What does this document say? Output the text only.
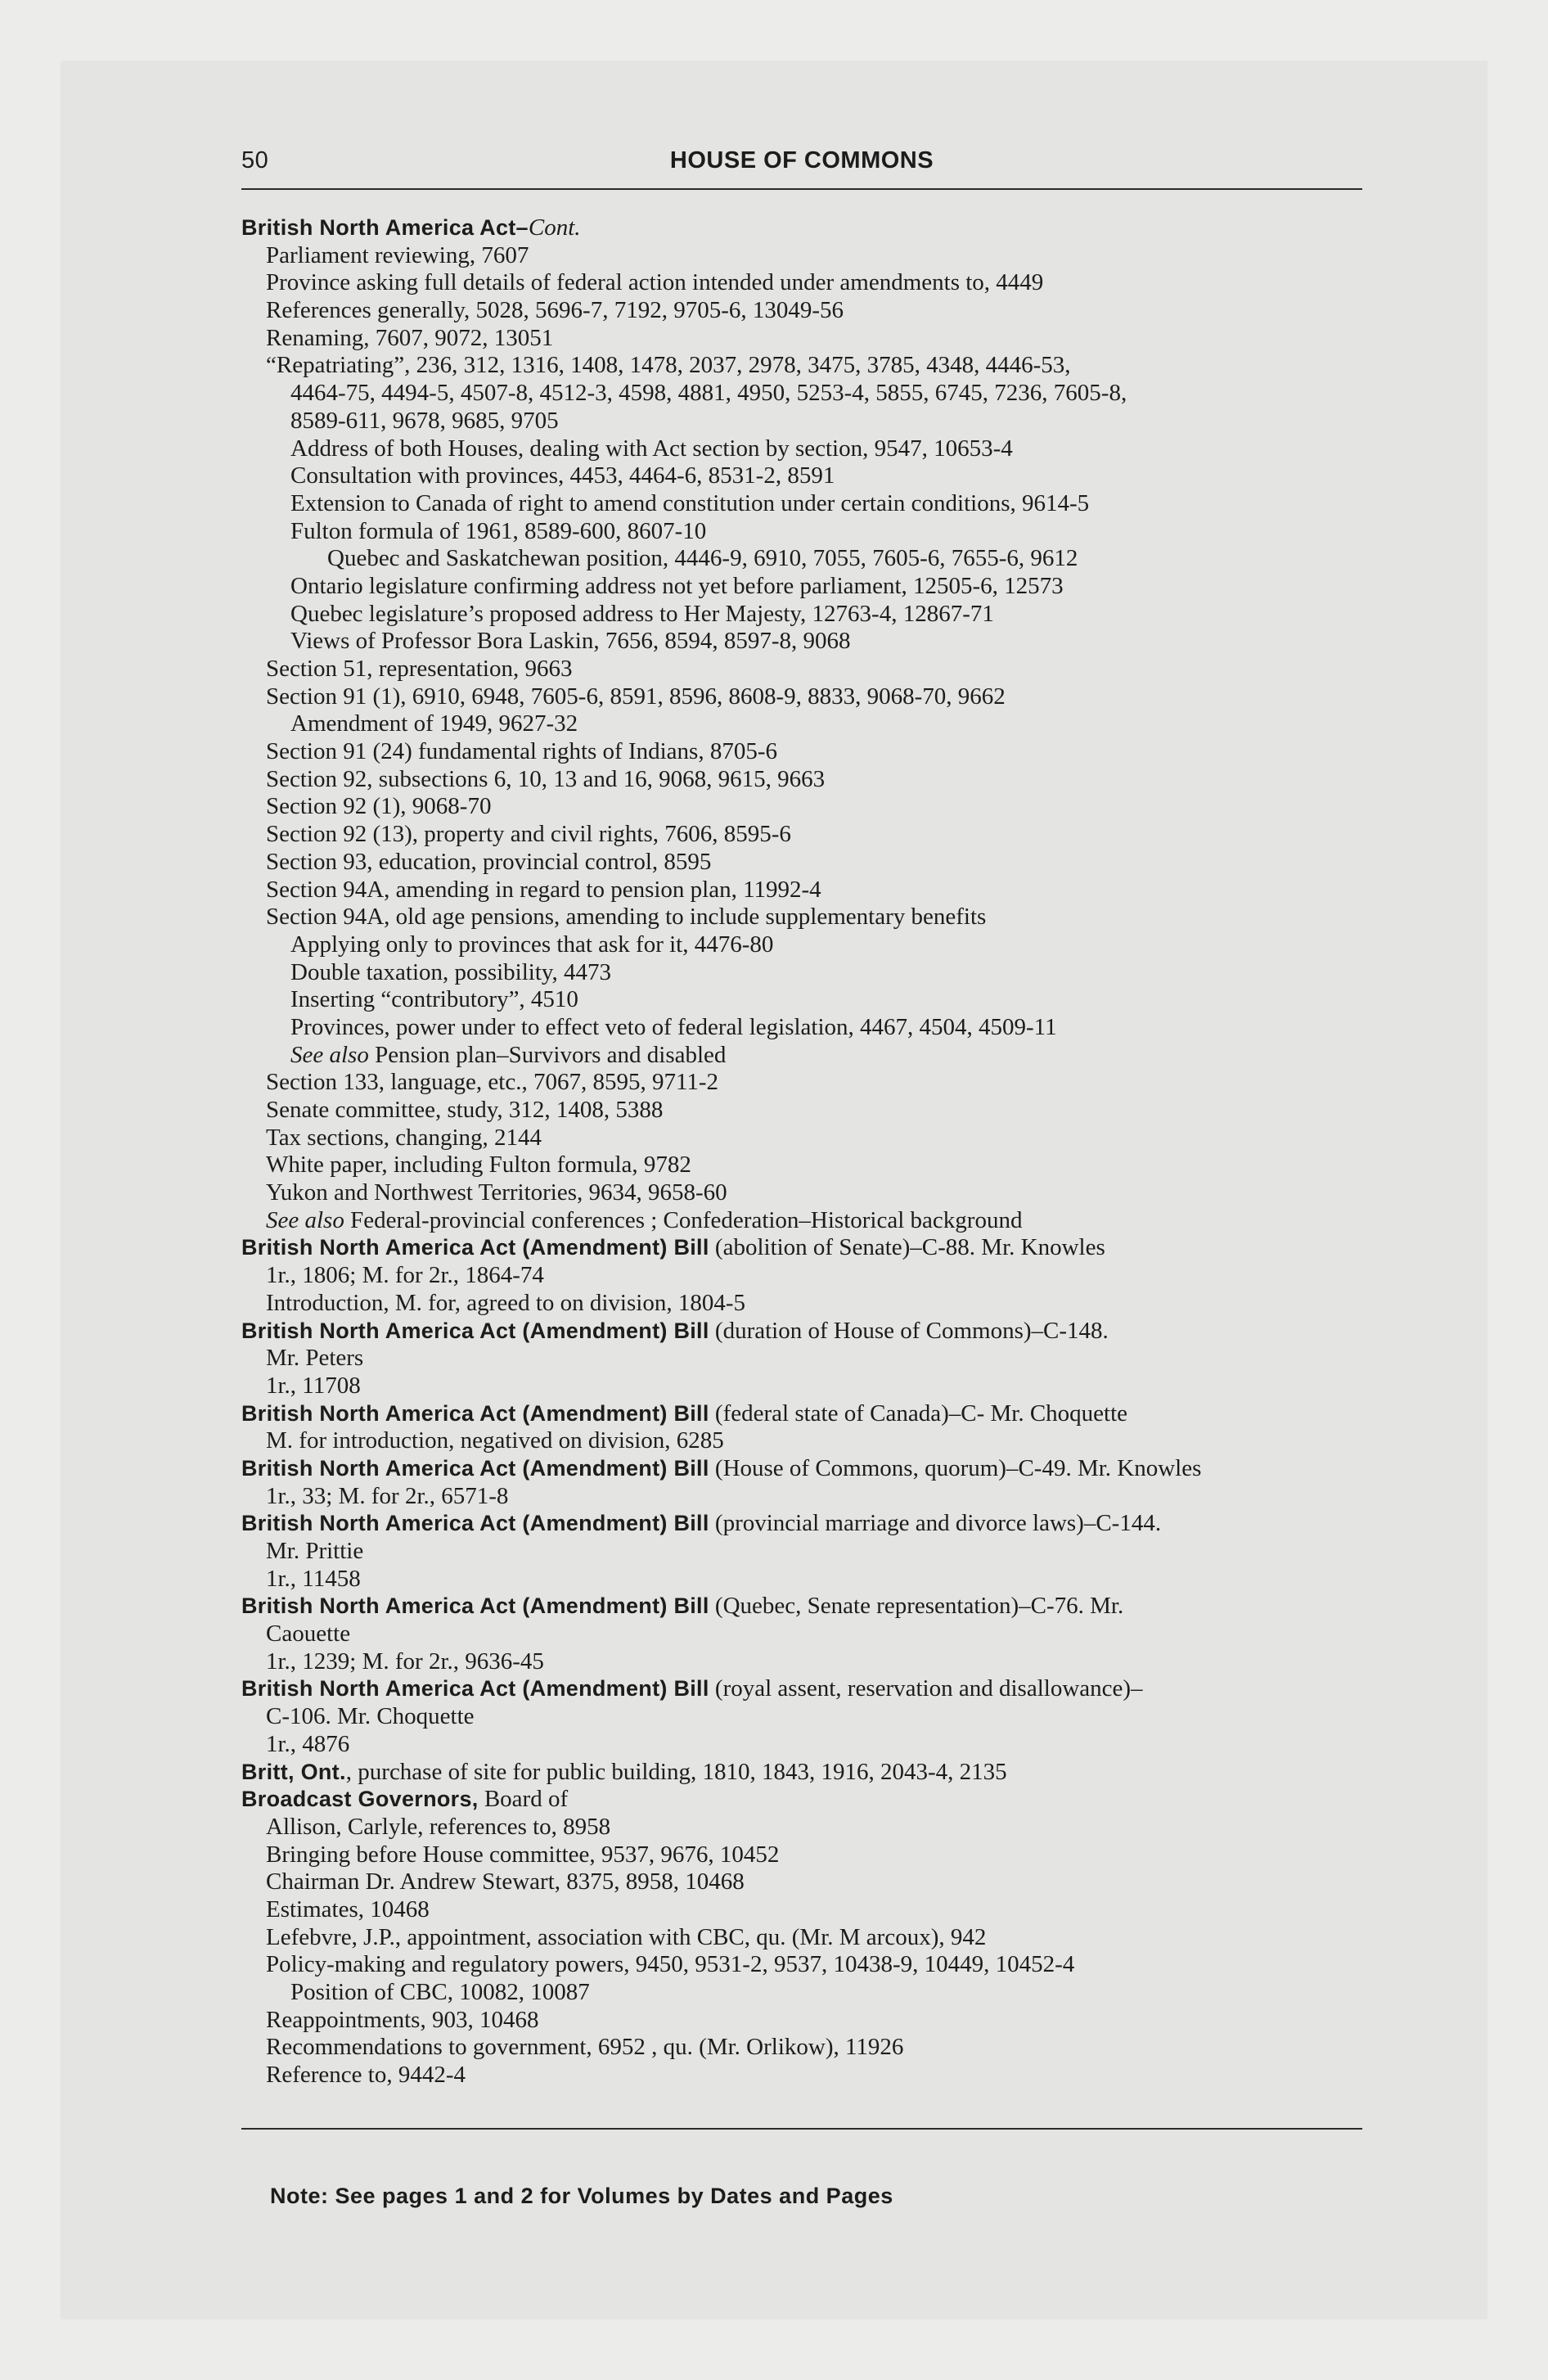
50	HOUSE OF COMMONS
British North America Act–Cont.
Parliament reviewing, 7607
Province asking full details of federal action intended under amendments to, 4449
References generally, 5028, 5696-7, 7192, 9705-6, 13049-56
Renaming, 7607, 9072, 13051
“Repatriating”, 236, 312, 1316, 1408, 1478, 2037, 2978, 3475, 3785, 4348, 4446-53,
4464-75, 4494-5, 4507-8, 4512-3, 4598, 4881, 4950, 5253-4, 5855, 6745, 7236, 7605-8,
8589-611, 9678, 9685, 9705
Address of both Houses, dealing with Act section by section, 9547, 10653-4
Consultation with provinces, 4453, 4464-6, 8531-2, 8591
Extension to Canada of right to amend constitution under certain conditions, 9614-5
Fulton formula of 1961, 8589-600, 8607-10
Quebec and Saskatchewan position, 4446-9, 6910, 7055, 7605-6, 7655-6, 9612
Ontario legislature confirming address not yet before parliament, 12505-6, 12573
Quebec legislature’s proposed address to Her Majesty, 12763-4, 12867-71
Views of Professor Bora Laskin, 7656, 8594, 8597-8, 9068
Section 51, representation, 9663
Section 91 (1), 6910, 6948, 7605-6, 8591, 8596, 8608-9, 8833, 9068-70, 9662
Amendment of 1949, 9627-32
Section 91 (24) fundamental rights of Indians, 8705-6
Section 92, subsections 6, 10, 13 and 16, 9068, 9615, 9663
Section 92 (1), 9068-70
Section 92 (13), property and civil rights, 7606, 8595-6
Section 93, education, provincial control, 8595
Section 94A, amending in regard to pension plan, 11992-4
Section 94A, old age pensions, amending to include supplementary benefits
Applying only to provinces that ask for it, 4476-80
Double taxation, possibility, 4473
Inserting “contributory”, 4510
Provinces, power under to effect veto of federal legislation, 4467, 4504, 4509-11
See also Pension plan–Survivors and disabled
Section 133, language, etc., 7067, 8595, 9711-2
Senate committee, study, 312, 1408, 5388
Tax sections, changing, 2144
White paper, including Fulton formula, 9782
Yukon and Northwest Territories, 9634, 9658-60
See also Federal-provincial conferences ; Confederation–Historical background
British North America Act (Amendment) Bill (abolition of Senate)–C-88. Mr. Knowles
1r., 1806; M. for 2r., 1864-74
Introduction, M. for, agreed to on division, 1804-5
British North America Act (Amendment) Bill (duration of House of Commons)–C-148.
Mr. Peters
1r., 11708
British North America Act (Amendment) Bill (federal state of Canada)–C- Mr. Choquette
M. for introduction, negatived on division, 6285
British North America Act (Amendment) Bill (House of Commons, quorum)–C-49. Mr. Knowles
1r., 33; M. for 2r., 6571-8
British North America Act (Amendment) Bill (provincial marriage and divorce laws)–C-144.
Mr. Prittie
1r., 11458
British North America Act (Amendment) Bill (Quebec, Senate representation)–C-76. Mr.
Caouette
1r., 1239; M. for 2r., 9636-45
British North America Act (Amendment) Bill (royal assent, reservation and disallowance)–
C-106. Mr. Choquette
1r., 4876
Britt, Ont., purchase of site for public building, 1810, 1843, 1916, 2043-4, 2135
Broadcast Governors, Board of
Allison, Carlyle, references to, 8958
Bringing before House committee, 9537, 9676, 10452
Chairman Dr. Andrew Stewart, 8375, 8958, 10468
Estimates, 10468
Lefebvre, J.P., appointment, association with CBC, qu. (Mr. M arcoux), 942
Policy-making and regulatory powers, 9450, 9531-2, 9537, 10438-9, 10449, 10452-4
Position of CBC, 10082, 10087
Reappointments, 903, 10468
Recommendations to government, 6952 , qu. (Mr. Orlikow), 11926
Reference to, 9442-4
Note: See pages 1 and 2 for Volumes by Dates and Pages
